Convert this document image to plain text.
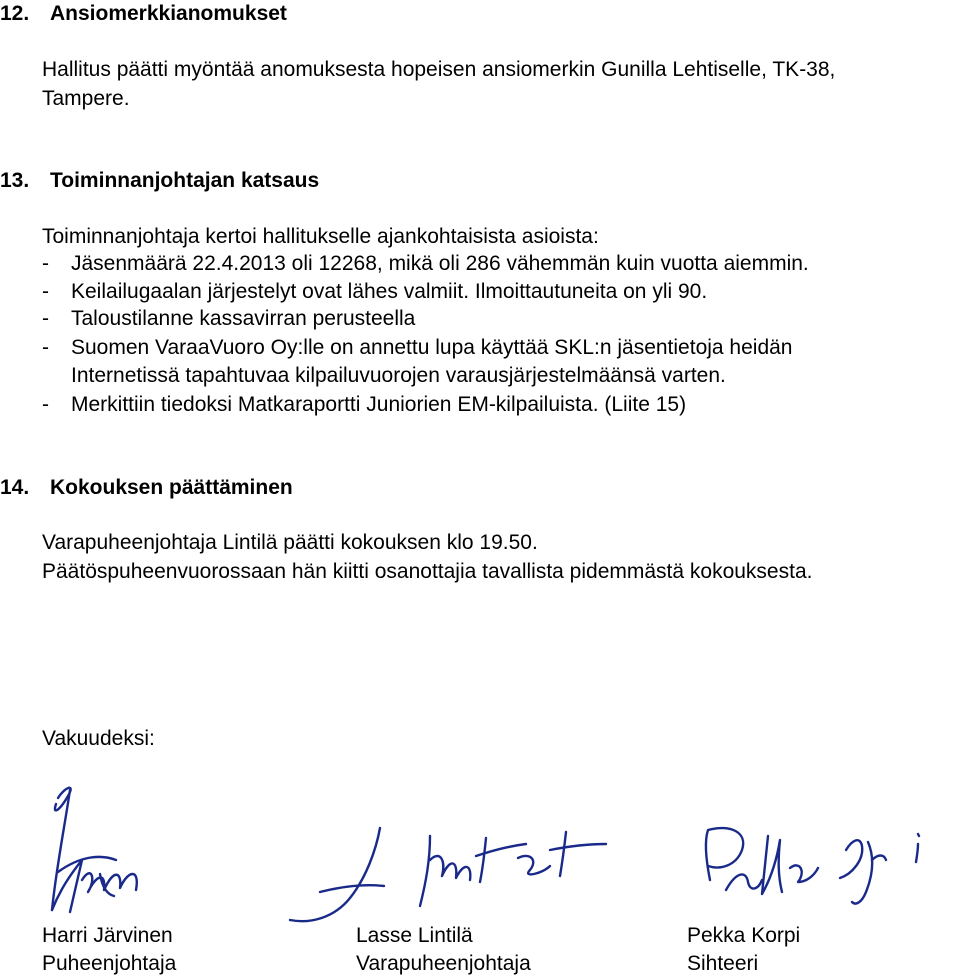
12. Ansiomerkkianomukset
Hallitus päätti myöntää anomuksesta hopeisen ansiomerkin Gunilla Lehtiselle, TK-38,
Tampere.
13. Toiminnanjohtajan katsaus
Toiminnanjohtaja kertoi hallitukselle ajankohtaisista asioista:
- Jäsenmäärä 22.4.2013 oli 12268, mikä oli 286 vähemmän kuin vuotta aiemmin.
- Keilailugaalan järjestelyt ovat lähes valmiit. Ilmoittautuneita on yli 90.
- Taloustilanne kassavirran perusteella
- Suomen VaraaVuoro Oy:lle on annettu lupa käyttää SKL:n jäsentietoja heidän
Internetissä tapahtuvaa kilpailuvuorojen varausjärjestelmäänsä varten.
- Merkittiin tiedoksi Matkaraportti Juniorien EM-kilpailuista. (Liite 15)
14. Kokouksen päättäminen
Varapuheenjohtaja Lintilä päätti kokouksen klo 19.50.
Päätöspuheenvuorossaan hän kiitti osanottajia tavallista pidemmästä kokouksesta.
Vakuudeksi:
Harri Järvinen
Puheenjohtaja
Lasse Lintilä
Varapuheenjohtaja
Pekka Korpi
Sihteeri
